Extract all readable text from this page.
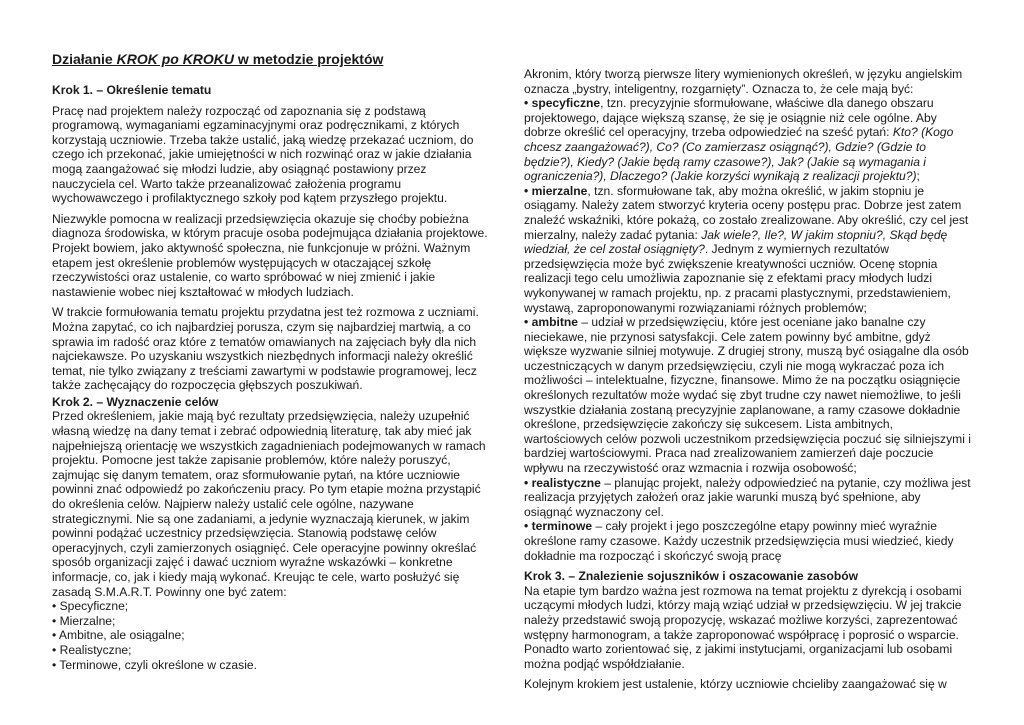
Działanie KROK po KROKU w metodzie projektów

Krok 1. – Określenie tematu

Pracę nad projektem należy rozpocząć od zapoznania się z podstawą programową, wymaganiami egzaminacyjnymi oraz podręcznikami, z których korzystają uczniowie. Trzeba także ustalić, jaką wiedzę przekazać uczniom, do czego ich przekonać, jakie umiejętności w nich rozwinąć oraz w jakie działania mogą zaangażować się młodzi ludzie, aby osiągnąć postawiony przez nauczyciela cel. Warto także przeanalizować założenia programu wychowawczego i profilaktycznego szkoły pod kątem przyszłego projektu.

Niezwykle pomocna w realizacji przedsięwzięcia okazuje się choćby pobieżna diagnoza środowiska, w którym pracuje osoba podejmująca działania projektowe. Projekt bowiem, jako aktywność społeczna, nie funkcjonuje w próżni. Ważnym etapem jest określenie problemów występujących w otaczającej szkołę rzeczywistości oraz ustalenie, co warto spróbować w niej zmienić i jakie nastawienie wobec niej kształtować w młodych ludziach.

W trakcie formułowania tematu projektu przydatna jest też rozmowa z uczniami. Można zapytać, co ich najbardziej porusza, czym się najbardziej martwią, a co sprawia im radość oraz które z tematów omawianych na zajęciach były dla nich najciekawsze. Po uzyskaniu wszystkich niezbędnych informacji należy określić temat, nie tylko związany z treściami zawartymi w podstawie programowej, lecz także zachęcający do rozpoczęcia głębszych poszukiwań.

Krok 2. – Wyznaczenie celów

Przed określeniem, jakie mają być rezultaty przedsięwzięcia, należy uzupełnić własną wiedzę na dany temat i zebrać odpowiednią literaturę, tak aby mieć jak najpełniejszą orientację we wszystkich zagadnieniach podejmowanych w ramach projektu. Pomocne jest także zapisanie problemów, które należy poruszyć, zajmując się danym tematem, oraz sformułowanie pytań, na które uczniowie powinni znać odpowiedź po zakończeniu pracy. Po tym etapie można przystąpić do określenia celów. Najpierw należy ustalić cele ogólne, nazywane strategicznymi. Nie są one zadaniami, a jedynie wyznaczają kierunek, w jakim powinni podążać uczestnicy przedsięwzięcia. Stanowią podstawę celów operacyjnych, czyli zamierzonych osiągnięć. Cele operacyjne powinny określać sposób organizacji zajęć i dawać uczniom wyraźne wskazówki – konkretne informacje, co, jak i kiedy mają wykonać. Kreując te cele, warto posłużyć się zasadą S.M.A.R.T. Powinny one być zatem:

• Specyficzne;

• Mierzalne;

• Ambitne, ale osiągalne;

• Realistyczne;

• Terminowe, czyli określone w czasie.

Akronim, który tworzą pierwsze litery wymienionych określeń, w języku angielskim oznacza „bystry, inteligentny, rozgarnięty”. Oznacza to, że cele mają być:

• specyficzne, tzn. precyzyjnie sformułowane, właściwe dla danego obszaru projektowego, dające większą szansę, że się je osiągnie niż cele ogólne. Aby dobrze określić cel operacyjny, trzeba odpowiedzieć na sześć pytań: Kto? (Kogo chcesz zaangażować?), Co? (Co zamierzasz osiągnąć?), Gdzie? (Gdzie to będzie?), Kiedy? (Jakie będą ramy czasowe?), Jak? (Jakie są wymagania i ograniczenia?), Dlaczego? (Jakie korzyści wynikają z realizacji projektu?);

• mierzalne, tzn. sformułowane tak, aby można określić, w jakim stopniu je osiągamy. Należy zatem stworzyć kryteria oceny postępu prac. Dobrze jest zatem znaleźć wskaźniki, które pokażą, co zostało zrealizowane. Aby określić, czy cel jest mierzalny, należy zadać pytania: Jak wiele?, Ile?, W jakim stopniu?, Skąd będę wiedział, że cel został osiągnięty?. Jednym z wymiernych rezultatów przedsięwzięcia może być zwiększenie kreatywności uczniów. Ocenę stopnia realizacji tego celu umożliwia zapoznanie się z efektami pracy młodych ludzi wykonywanej w ramach projektu, np. z pracami plastycznymi, przedstawieniem, wystawą, zaproponowanymi rozwiązaniami różnych problemów;

• ambitne – udział w przedsięwzięciu, które jest oceniane jako banalne czy nieciekawe, nie przynosi satysfakcji. Cele zatem powinny być ambitne, gdyż większe wyzwanie silniej motywuje. Z drugiej strony, muszą być osiągalne dla osób uczestniczących w danym przedsięwzięciu, czyli nie mogą wykraczać poza ich możliwości – intelektualne, fizyczne, finansowe. Mimo że na początku osiągnięcie określonych rezultatów może wydać się zbyt trudne czy nawet niemożliwe, to jeśli wszystkie działania zostaną precyzyjnie zaplanowane, a ramy czasowe dokładnie określone, przedsięwzięcie zakończy się sukcesem. Lista ambitnych, wartościowych celów pozwoli uczestnikom przedsięwzięcia poczuć się silniejszymi i bardziej wartościowymi. Praca nad zrealizowaniem zamierzeń daje poczucie wpływu na rzeczywistość oraz wzmacnia i rozwija osobowość;

• realistyczne – planując projekt, należy odpowiedzieć na pytanie, czy możliwa jest realizacja przyjętych założeń oraz jakie warunki muszą być spełnione, aby osiągnąć wyznaczony cel.

• terminowe – cały projekt i jego poszczególne etapy powinny mieć wyraźnie określone ramy czasowe. Każdy uczestnik przedsięwzięcia musi wiedzieć, kiedy dokładnie ma rozpocząć i skończyć swoją pracę

Krok 3. – Znalezienie sojuszników i oszacowanie zasobów

Na etapie tym bardzo ważna jest rozmowa na temat projektu z dyrekcją i osobami uczącymi młodych ludzi, którzy mają wziąć udział w przedsięwzięciu. W jej trakcie należy przedstawić swoją propozycję, wskazać możliwe korzyści, zaprezentować wstępny harmonogram, a także zaproponować współpracę i poprosić o wsparcie. Ponadto warto zorientować się, z jakimi instytucjami, organizacjami lub osobami można podjąć współdziałanie.

Kolejnym krokiem jest ustalenie, którzy uczniowie chcieliby zaangażować się w
